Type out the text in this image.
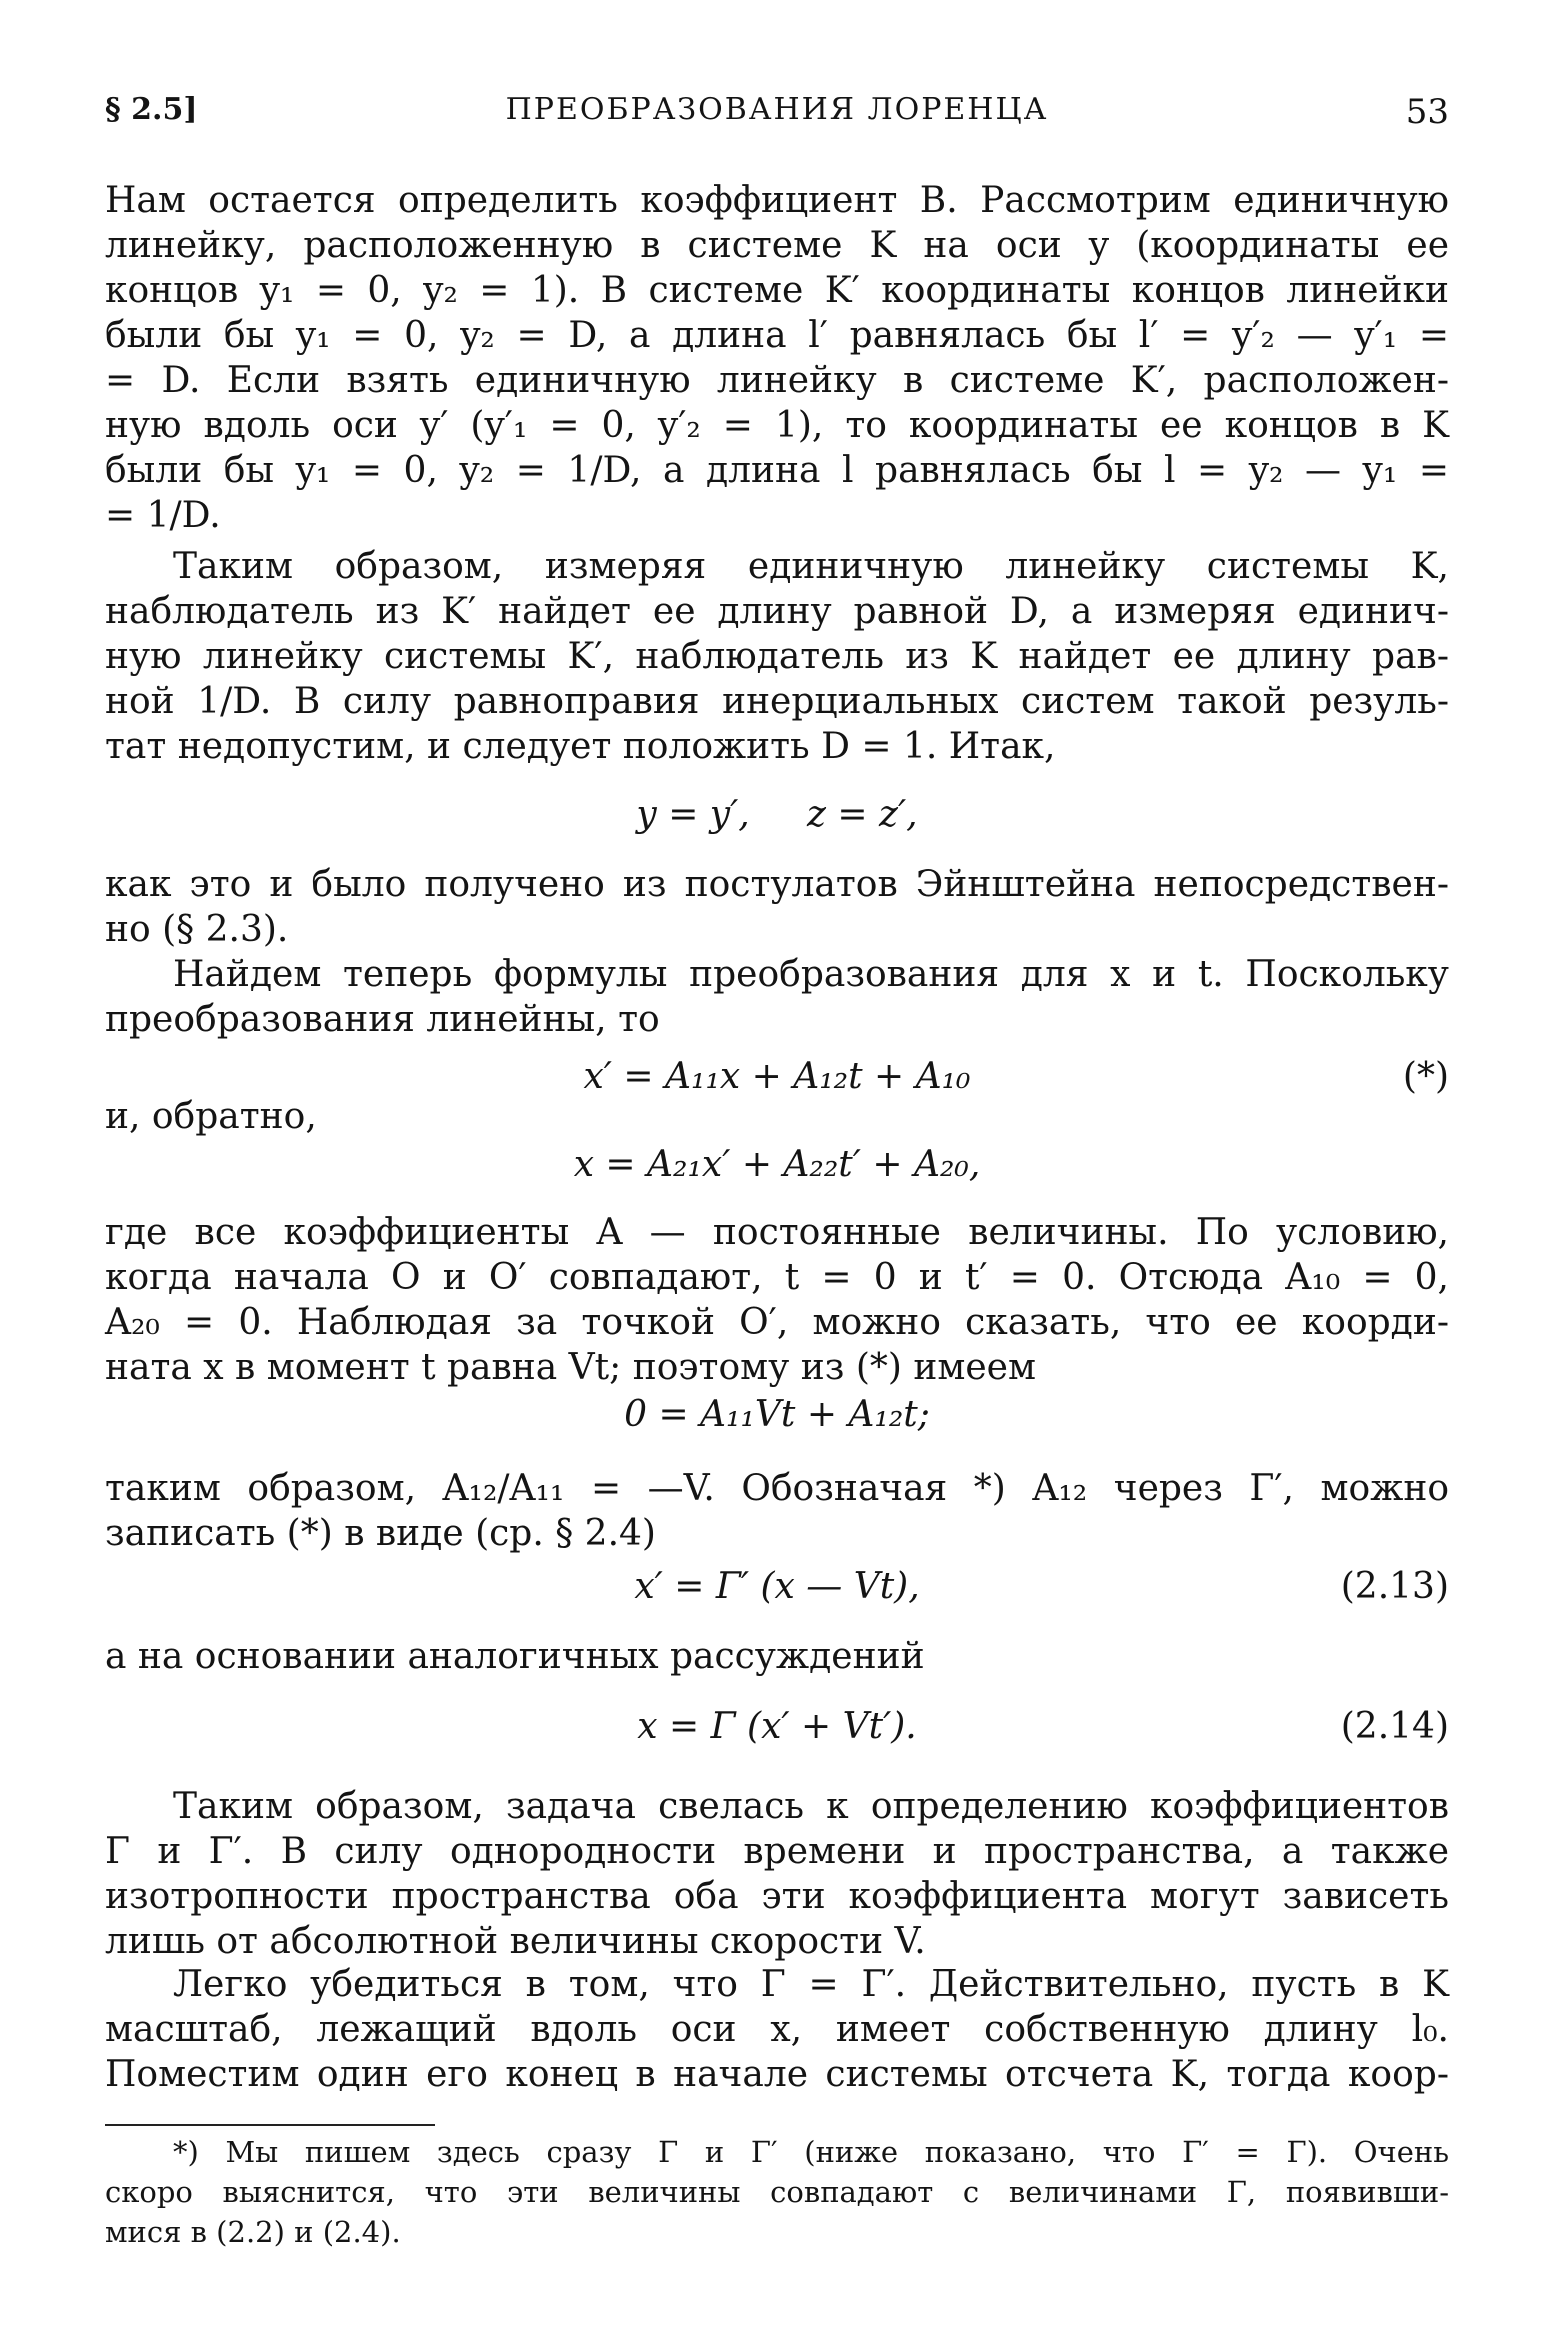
§ 2.5]	ПРЕОБРАЗОВАНИЯ ЛОРЕНЦА	53
Нам остается определить коэффициент B. Рассмотрим единичную
линейку, расположенную в системе K на оси y (координаты ее
концов y₁ = 0, y₂ = 1). В системе K′ координаты концов линейки
были бы y₁ = 0, y₂ = D, а длина l′ равнялась бы l′ = y′₂ — y′₁ =
= D. Если взять единичную линейку в системе K′, расположен-
ную вдоль оси y′ (y′₁ = 0, y′₂ = 1), то координаты ее концов в K
были бы y₁ = 0, y₂ = 1/D, а длина l равнялась бы l = y₂ — y₁ =
= 1/D.
Таким образом, измеряя единичную линейку системы K,
наблюдатель из K′ найдет ее длину равной D, а измеряя единич-
ную линейку системы K′, наблюдатель из K найдет ее длину рав-
ной 1/D. В силу равноправия инерциальных систем такой резуль-
тат недопустим, и следует положить D = 1. Итак,
y = y′,     z = z′,
как это и было получено из постулатов Эйнштейна непосредствен-
но (§ 2.3).
Найдем теперь формулы преобразования для x и t. Поскольку
преобразования линейны, то
x′ = A₁₁x + A₁₂t + A₁₀	(*)
и, обратно,
x = A₂₁x′ + A₂₂t′ + A₂₀,
где все коэффициенты A — постоянные величины. По условию,
когда начала O и O′ совпадают, t = 0 и t′ = 0. Отсюда A₁₀ = 0,
A₂₀ = 0. Наблюдая за точкой O′, можно сказать, что ее коорди-
ната x в момент t равна Vt; поэтому из (*) имеем
0 = A₁₁Vt + A₁₂t;
таким образом, A₁₂/A₁₁ = —V. Обозначая *) A₁₂ через Γ′, можно
записать (*) в виде (ср. § 2.4)
x′ = Γ′ (x — Vt),	(2.13)
а на основании аналогичных рассуждений
x = Γ (x′ + Vt′).	(2.14)
Таким образом, задача свелась к определению коэффициентов
Γ и Γ′. В силу однородности времени и пространства, а также
изотропности пространства оба эти коэффициента могут зависеть
лишь от абсолютной величины скорости V.
Легко убедиться в том, что Γ = Γ′. Действительно, пусть в K
масштаб, лежащий вдоль оси x, имеет собственную длину l₀.
Поместим один его конец в начале системы отсчета K, тогда коор-
*) Мы пишем здесь сразу Γ и Γ′ (ниже показано, что Γ′ = Γ). Очень
скоро выяснится, что эти величины совпадают с величинами Γ, появивши-
мися в (2.2) и (2.4).
